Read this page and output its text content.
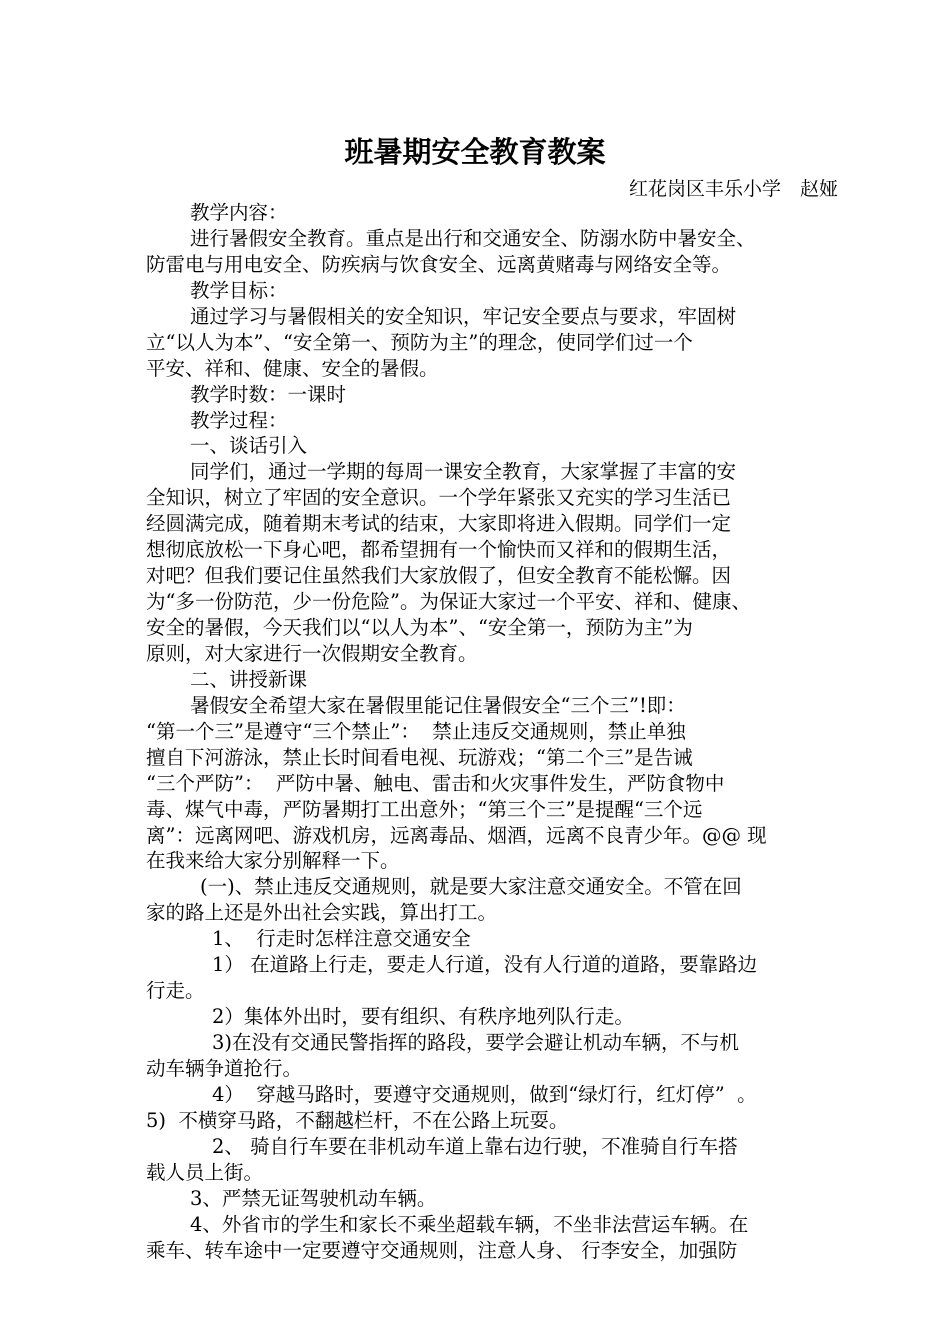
班暑期安全教育教案
红花岗区丰乐小学　赵娅

教学内容：

进行暑假安全教育。重点是出行和交通安全、防溺水防中暑安全、

防雷电与用电安全、防疾病与饮食安全、远离黄赌毒与网络安全等。

教学目标：

通过学习与暑假相关的安全知识，牢记安全要点与要求，牢固树

立“以人为本”、“安全第一、预防为主”的理念，使同学们过一个

平安、祥和、健康、安全的暑假。

教学时数：一课时

教学过程：

一、谈话引入

同学们，通过一学期的每周一课安全教育，大家掌握了丰富的安

全知识，树立了牢固的安全意识。一个学年紧张又充实的学习生活已

经圆满完成，随着期末考试的结束，大家即将进入假期。同学们一定

想彻底放松一下身心吧，都希望拥有一个愉快而又祥和的假期生活，

对吧？但我们要记住虽然我们大家放假了，但安全教育不能松懈。因

为“多一份防范，少一份危险”。为保证大家过一个平安、祥和、健康、

安全的暑假，今天我们以“以人为本”、“安全第一，预防为主”为

原则，对大家进行一次假期安全教育。

二、讲授新课

暑假安全希望大家在暑假里能记住暑假安全“三个三”!即：

“第一个三”是遵守“三个禁止”：  禁止违反交通规则，禁止单独

擅自下河游泳，禁止长时间看电视、玩游戏；“第二个三”是告诫

“三个严防”：  严防中暑、触电、雷击和火灾事件发生，严防食物中

毒、煤气中毒，严防暑期打工出意外；“第三个三”是提醒“三个远

离”：远离网吧、游戏机房，远离毒品、烟酒，远离不良青少年。@@ 现

在我来给大家分别解释一下。

(一)、禁止违反交通规则，就是要大家注意交通安全。不管在回

家的路上还是外出社会实践，算出打工。

1、  行走时怎样注意交通安全

1） 在道路上行走，要走人行道，没有人行道的道路，要靠路边

行走。

2）集体外出时，要有组织、有秩序地列队行走。

3)在没有交通民警指挥的路段，要学会避让机动车辆，不与机

动车辆争道抢行。

4）  穿越马路时，要遵守交通规则，做到“绿灯行，红灯停”  。

5)  不横穿马路，不翻越栏杆，不在公路上玩耍。

2、 骑自行车要在非机动车道上靠右边行驶，不准骑自行车搭

载人员上街。

3、严禁无证驾驶机动车辆。

4、外省市的学生和家长不乘坐超载车辆，不坐非法营运车辆。在

乘车、转车途中一定要遵守交通规则，注意人身、 行李安全，加强防
